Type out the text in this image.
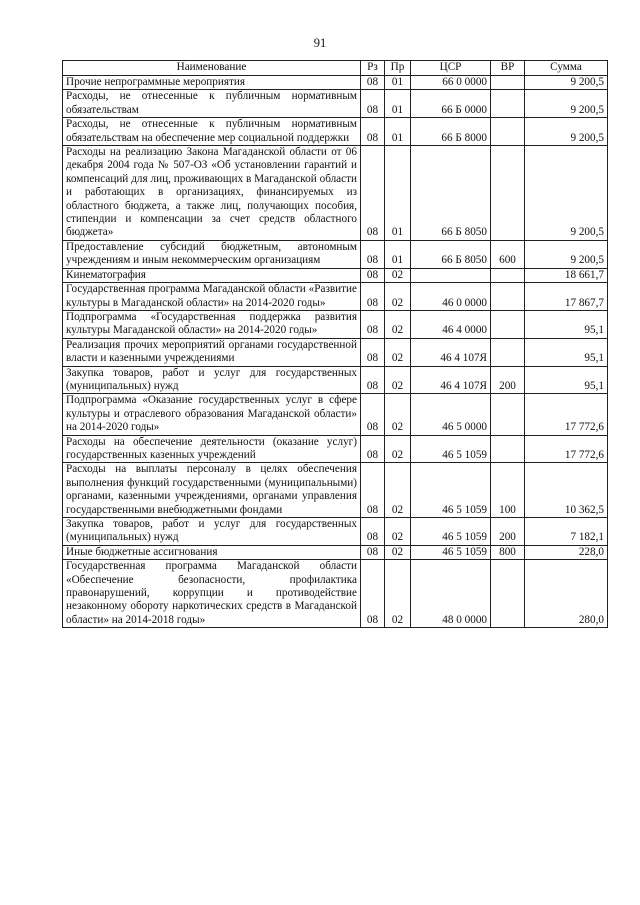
91
Наименование	Рз	Пр	ЦСР	ВР	Сумма
Прочие непрограммные мероприятия	08	01	66 0 0000		9 200,5
Расходы, не отнесенные к публичным нормативным обязательствам	08	01	66 Б 0000		9 200,5
Расходы, не отнесенные к публичным нормативным обязательствам на обеспечение мер социальной поддержки	08	01	66 Б 8000		9 200,5
Расходы на реализацию Закона Магаданской области от 06 декабря 2004 года № 507-ОЗ «Об установлении гарантий и компенсаций для лиц, проживающих в Магаданской области и работающих в организациях, финансируемых из областного бюджета, а также лиц, получающих пособия, стипендии и компенсации за счет средств областного бюджета»	08	01	66 Б 8050		9 200,5
Предоставление субсидий бюджетным, автономным учреждениям и иным некоммерческим организациям	08	01	66 Б 8050	600	9 200,5
Кинематография	08	02			18 661,7
Государственная программа Магаданской области «Развитие культуры в Магаданской области» на 2014-2020 годы»	08	02	46 0 0000		17 867,7
Подпрограмма «Государственная поддержка развития культуры Магаданской области» на 2014-2020 годы»	08	02	46 4 0000		95,1
Реализация прочих мероприятий органами государственной власти и казенными учреждениями	08	02	46 4 107Я		95,1
Закупка товаров, работ и услуг для государственных (муниципальных) нужд	08	02	46 4 107Я	200	95,1
Подпрограмма «Оказание государственных услуг в сфере культуры и отраслевого образования Магаданской области» на 2014-2020 годы»	08	02	46 5 0000		17 772,6
Расходы на обеспечение деятельности (оказание услуг) государственных казенных учреждений	08	02	46 5 1059		17 772,6
Расходы на выплаты персоналу в целях обеспечения выполнения функций государственными (муниципальными) органами, казенными учреждениями, органами управления государственными внебюджетными фондами	08	02	46 5 1059	100	10 362,5
Закупка товаров, работ и услуг для государственных (муниципальных) нужд	08	02	46 5 1059	200	7 182,1
Иные бюджетные ассигнования	08	02	46 5 1059	800	228,0
Государственная программа Магаданской области «Обеспечение безопасности, профилактика правонарушений, коррупции и противодействие незаконному обороту наркотических средств в Магаданской области» на 2014-2018 годы»	08	02	48 0 0000		280,0
